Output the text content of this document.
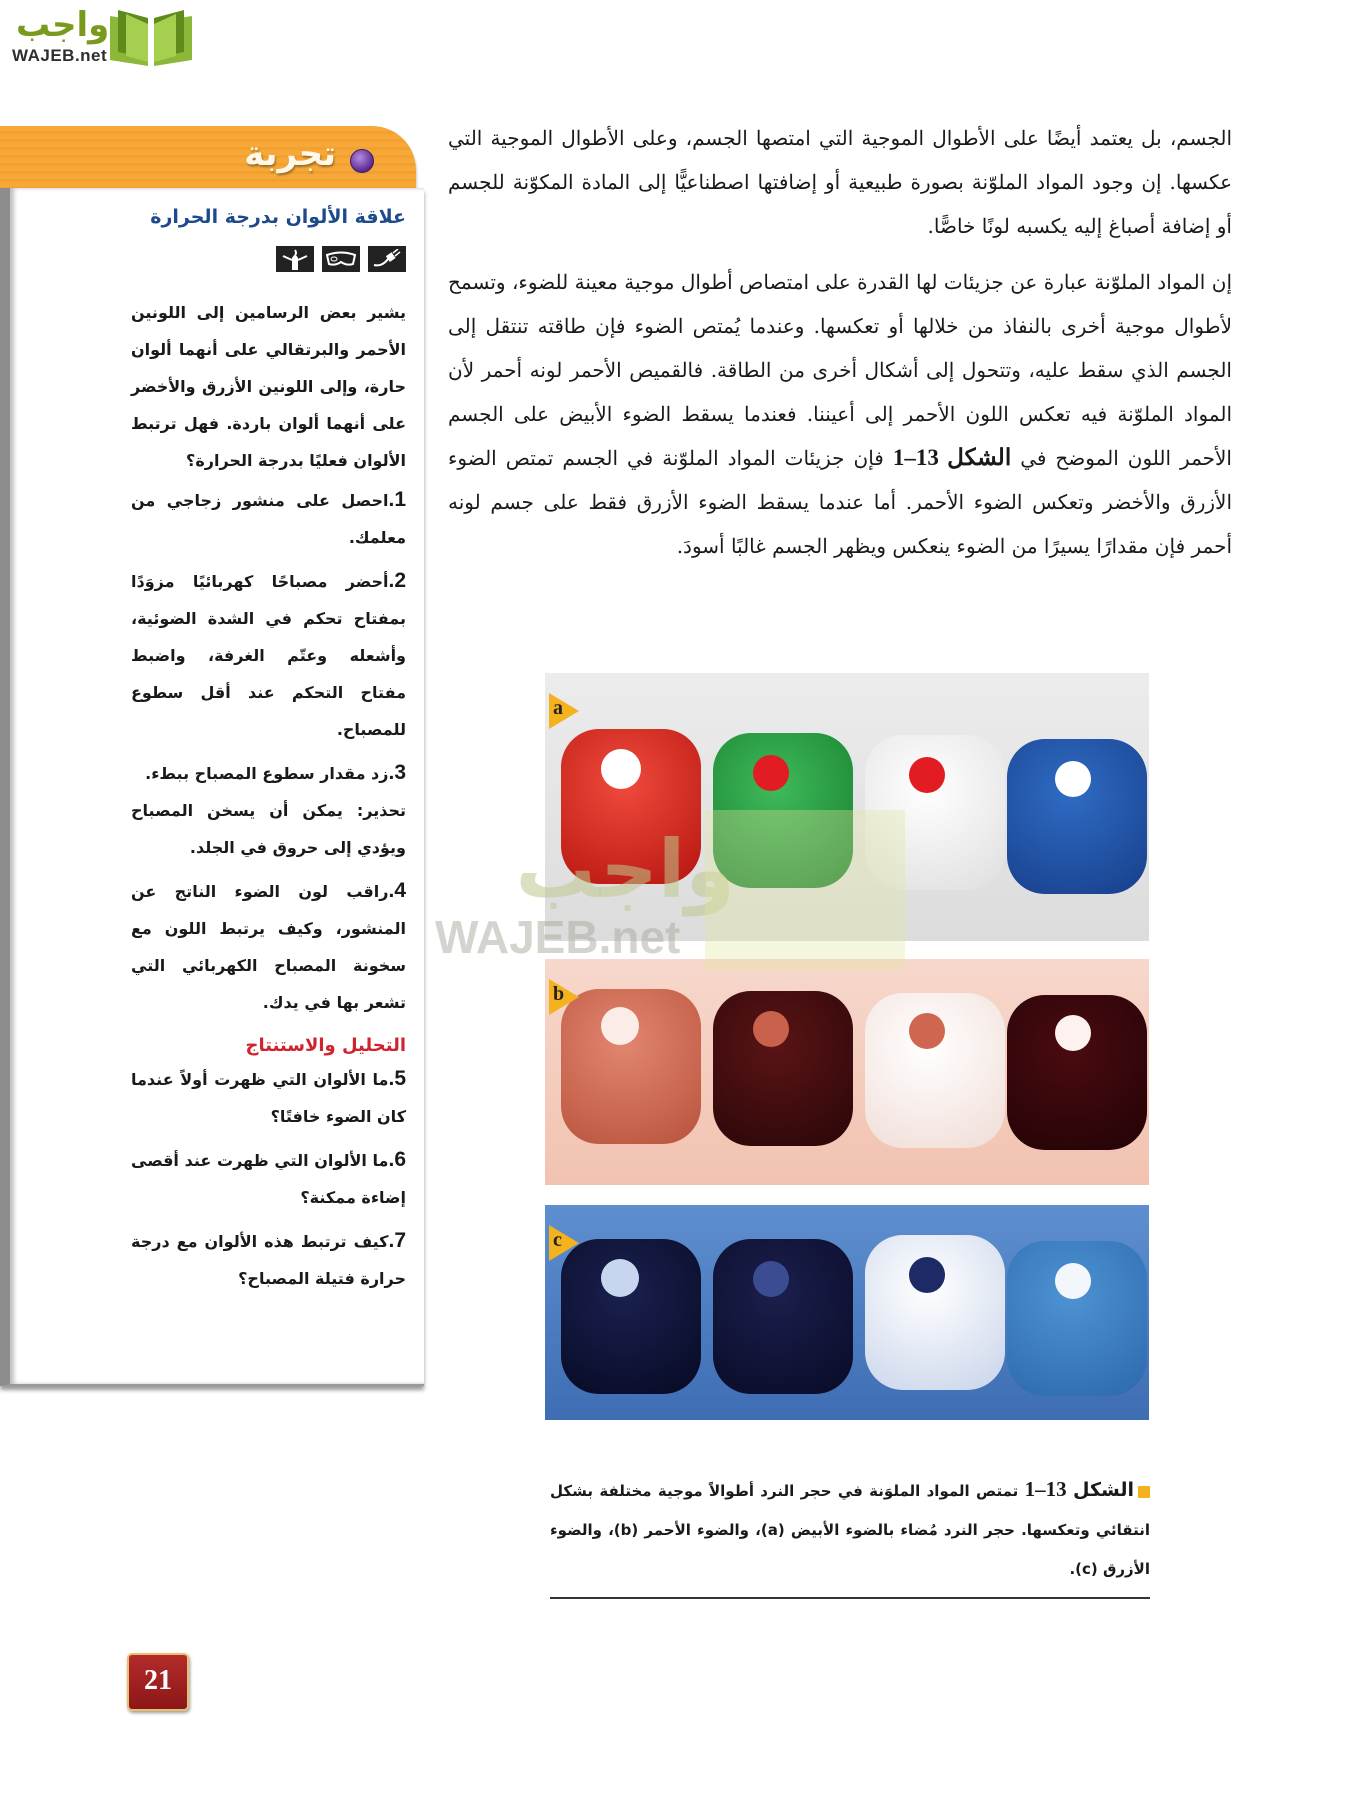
واجب
WAJEB.net
تجربة
علاقة الألوان بدرجة الحرارة

يشير بعض الرسامين إلى اللونين الأحمر والبرتقالي على أنهما ألوان حارة، وإلى اللونين الأزرق والأخضر على أنهما ألوان باردة. فهل ترتبط الألوان فعليًا بدرجة الحرارة؟

1.احصل على منشور زجاجي من معلمك.
2.أحضر مصباحًا كهربائيًا مزوَدًا بمفتاح تحكم في الشدة الضوئية، وأشعله وعتّم الغرفة، واضبط مفتاح التحكم عند أقل سطوع للمصباح.
3.زد مقدار سطوع المصباح ببطء.
تحذير: يمكن أن يسخن المصباح ويؤدي إلى حروق في الجلد.
4.راقب لون الضوء الناتج عن المنشور، وكيف يرتبط اللون مع سخونة المصباح الكهربائي التي تشعر بها في يدك.
التحليل والاستنتاج
5.ما الألوان التي ظهرت أولاً عندما كان الضوء خافتًا؟
6.ما الألوان التي ظهرت عند أقصى إضاءة ممكنة؟
7.كيف ترتبط هذه الألوان مع درجة حرارة فتيلة المصباح؟

الجسم، بل يعتمد أيضًا على الأطوال الموجية التي امتصها الجسم، وعلى الأطوال الموجية التي عكسها. إن وجود المواد الملوّنة بصورة طبيعية أو إضافتها اصطناعيًّا إلى المادة المكوّنة للجسم أو إضافة أصباغ إليه يكسبه لونًا خاصًّا.

إن المواد الملوّنة عبارة عن جزيئات لها القدرة على امتصاص أطوال موجية معينة للضوء، وتسمح لأطوال موجية أخرى بالنفاذ من خلالها أو تعكسها. وعندما يُمتص الضوء فإن طاقته تنتقل إلى الجسم الذي سقط عليه، وتتحول إلى أشكال أخرى من الطاقة. فالقميص الأحمر لونه أحمر لأن المواد الملوّنة فيه تعكس اللون الأحمر إلى أعيننا. فعندما يسقط الضوء الأبيض على الجسم الأحمر اللون الموضح في الشكل 13–1 فإن جزيئات المواد الملوّنة في الجسم تمتص الضوء الأزرق والأخضر وتعكس الضوء الأحمر. أما عندما يسقط الضوء الأزرق فقط على جسم لونه أحمر فإن مقدارًا يسيرًا من الضوء ينعكس ويظهر الجسم غالبًا أسودَ.

a
b
c
واجب
WAJEB.net
الشكل 13–1 تمتص المواد الملوَنة في حجر النرد أطوالاً موجية مختلفة بشكل انتقائي وتعكسها. حجر النرد مُضاء بالضوء الأبيض (a)، والضوء الأحمر (b)، والضوء الأزرق (c).
21
